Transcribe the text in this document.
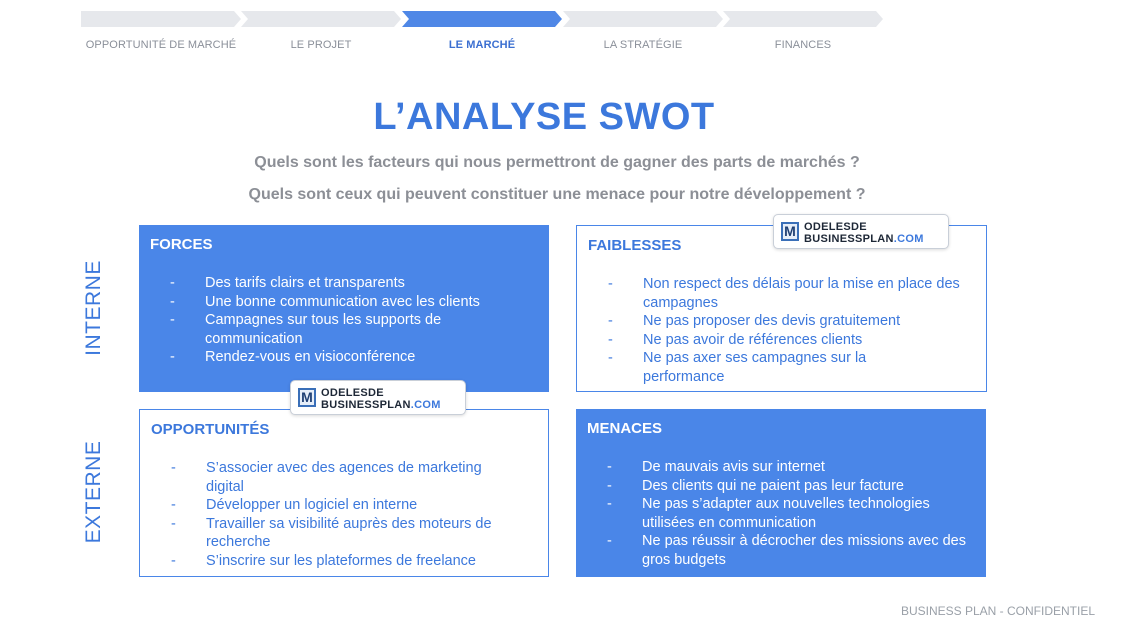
OPPORTUNITÉ DE MARCHÉ	LE PROJET	LE MARCHÉ	LA STRATÉGIE	FINANCES
L’ANALYSE SWOT
Quels sont les facteurs qui nous permettront de gagner des parts de marchés ?
Quels sont ceux qui peuvent constituer une menace pour notre développement ?
INTERNE
EXTERNE
FORCES
-	Des tarifs clairs et transparents
-	Une bonne communication avec les clients
-	Campagnes sur tous les supports de communication
-	Rendez-vous en visioconférence
FAIBLESSES
-	Non respect des délais pour la mise en place des campagnes
-	Ne pas proposer des devis gratuitement
-	Ne pas avoir de références clients
-	Ne pas axer ses campagnes sur la performance
OPPORTUNITÉS
-	S’associer avec des agences de marketing digital
-	Développer un logiciel en interne
-	Travailler sa visibilité auprès des moteurs de recherche
-	S’inscrire sur les plateformes de freelance
MENACES
-	De mauvais avis sur internet
-	Des clients qui ne paient pas leur facture
-	Ne pas s’adapter aux nouvelles technologies utilisées en communication
-	Ne pas réussir à décrocher des missions avec des gros budgets
M ODELESDE
BUSINESSPLAN.COM
M ODELESDE
BUSINESSPLAN.COM
BUSINESS PLAN - CONFIDENTIEL
